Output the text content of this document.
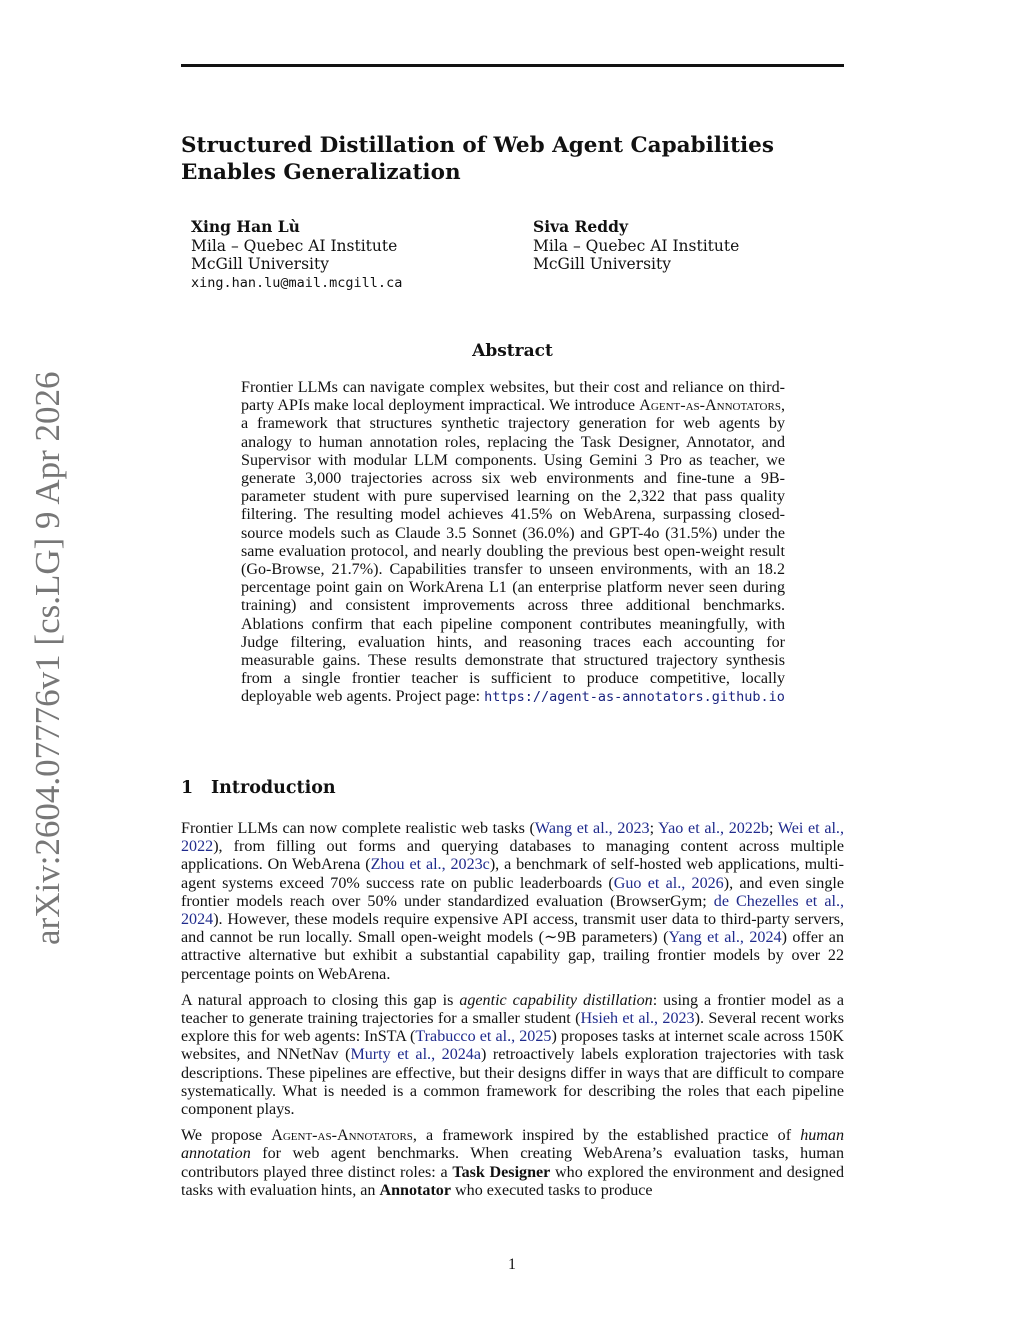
arXiv:2604.07776v1 [cs.LG] 9 Apr 2026
Structured Distillation of Web Agent Capabilities
Enables Generalization
Xing Han Lù
Mila – Quebec AI Institute
McGill University
xing.han.lu@mail.mcgill.ca
Siva Reddy
Mila – Quebec AI Institute
McGill University
Abstract
Frontier LLMs can navigate complex websites, but their cost and reliance on third-party APIs make local deployment impractical. We introduce Agent-as-Annotators, a framework that structures synthetic trajectory generation for web agents by analogy to human annotation roles, replacing the Task Designer, Annotator, and Supervisor with modular LLM components. Using Gemini 3 Pro as teacher, we generate 3,000 trajectories across six web environments and fine-tune a 9B-parameter student with pure supervised learning on the 2,322 that pass quality filtering. The resulting model achieves 41.5% on WebArena, surpassing closed-source models such as Claude 3.5 Sonnet (36.0%) and GPT-4o (31.5%) under the same evaluation protocol, and nearly doubling the previous best open-weight result (Go-Browse, 21.7%). Capabilities transfer to unseen environments, with an 18.2 percentage point gain on WorkArena L1 (an enterprise platform never seen during training) and consistent improvements across three additional benchmarks. Ablations confirm that each pipeline component contributes meaningfully, with Judge filtering, evaluation hints, and reasoning traces each accounting for measurable gains. These results demonstrate that structured trajectory synthesis from a single frontier teacher is sufficient to produce competitive, locally deployable web agents. Project page: https://agent-as-annotators.github.io
1 Introduction

Frontier LLMs can now complete realistic web tasks (Wang et al., 2023; Yao et al., 2022b; Wei et al., 2022), from filling out forms and querying databases to managing content across multiple applications. On WebArena (Zhou et al., 2023c), a benchmark of self-hosted web applications, multi-agent systems exceed 70% success rate on public leaderboards (Guo et al., 2026), and even single frontier models reach over 50% under standardized evaluation (BrowserGym; de Chezelles et al., 2024). However, these models require expensive API access, transmit user data to third-party servers, and cannot be run locally. Small open-weight models (∼9B parameters) (Yang et al., 2024) offer an attractive alternative but exhibit a substantial capability gap, trailing frontier models by over 22 percentage points on WebArena.

A natural approach to closing this gap is agentic capability distillation: using a frontier model as a teacher to generate training trajectories for a smaller student (Hsieh et al., 2023). Several recent works explore this for web agents: InSTA (Trabucco et al., 2025) proposes tasks at internet scale across 150K websites, and NNetNav (Murty et al., 2024a) retroactively labels exploration trajectories with task descriptions. These pipelines are effective, but their designs differ in ways that are difficult to compare systematically. What is needed is a common framework for describing the roles that each pipeline component plays.

We propose Agent-as-Annotators, a framework inspired by the established practice of human annotation for web agent benchmarks. When creating WebArena’s evaluation tasks, human contributors played three distinct roles: a Task Designer who explored the environment and designed tasks with evaluation hints, an Annotator who executed tasks to produce

1
